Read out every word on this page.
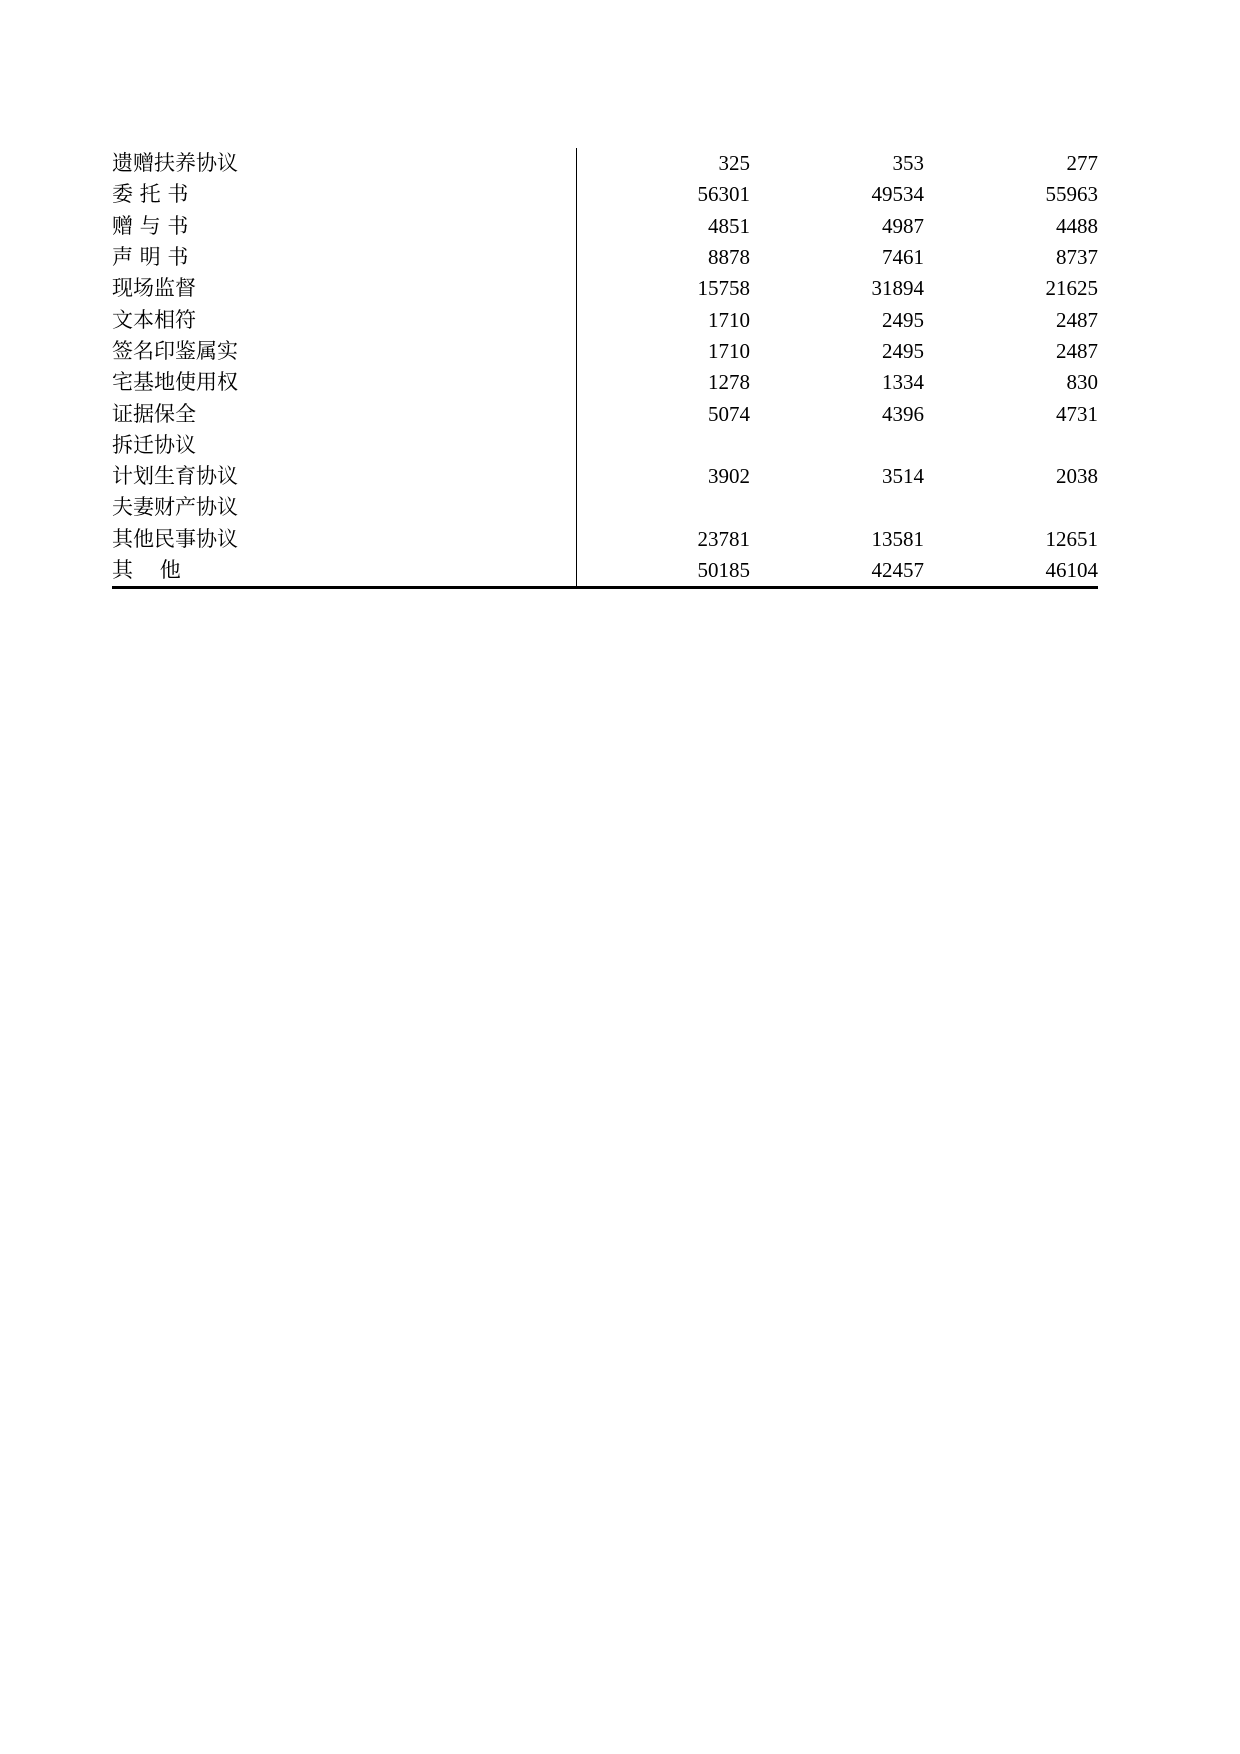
遗赠扶养协议	325	353	277
委 托 书	56301	49534	55963
赠 与 书	4851	4987	4488
声 明 书	8878	7461	8737
现场监督	15758	31894	21625
文本相符	1710	2495	2487
签名印鉴属实	1710	2495	2487
宅基地使用权	1278	1334	830
证据保全	5074	4396	4731
拆迁协议			
计划生育协议	3902	3514	2038
夫妻财产协议			
其他民事协议	23781	13581	12651
其    他	50185	42457	46104
